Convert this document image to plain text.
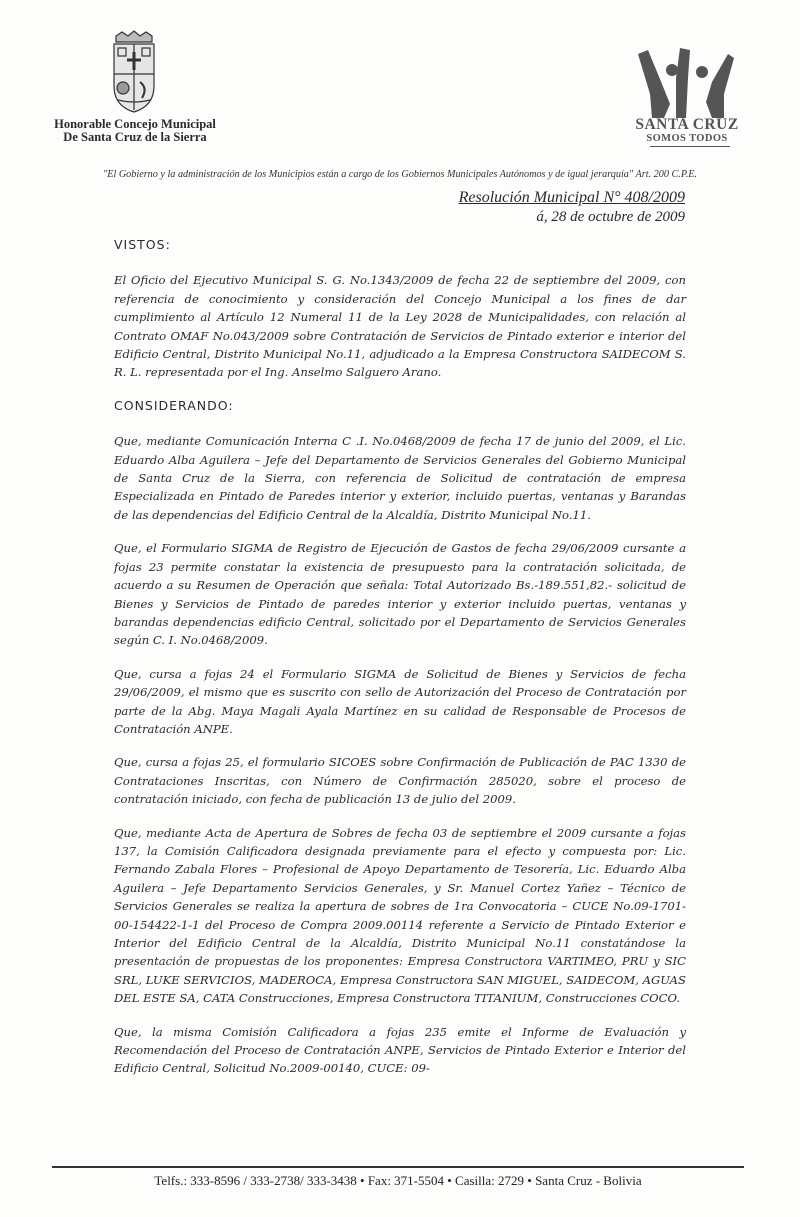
Honorable Concejo Municipal
De Santa Cruz de la Sierra
SANTA CRUZ
SOMOS TODOS
"El Gobierno y la administración de los Municipios están a cargo de los Gobiernos Municipales Autónomos y de igual jerarquía" Art. 200 C.P.E.
Resolución Municipal N° 408/2009
á, 28 de octubre de 2009
VISTOS:

El Oficio del Ejecutivo Municipal S. G. No.1343/2009 de fecha 22 de septiembre del 2009, con referencia de conocimiento y consideración del Concejo Municipal a los fines de dar cumplimiento al Artículo 12 Numeral 11 de la Ley 2028 de Municipalidades, con relación al Contrato OMAF No.043/2009 sobre Contratación de Servicios de Pintado exterior e interior del Edificio Central, Distrito Municipal No.11, adjudicado a la Empresa Constructora SAIDECOM S. R. L. representada por el Ing. Anselmo Salguero Arano.

CONSIDERANDO:

Que, mediante Comunicación Interna C .I. No.0468/2009 de fecha 17 de junio del 2009, el Lic. Eduardo Alba Aguilera – Jefe del Departamento de Servicios Generales del Gobierno Municipal de Santa Cruz de la Sierra, con referencia de Solicitud de contratación de empresa Especializada en Pintado de Paredes interior y exterior, incluido puertas, ventanas y Barandas de las dependencias del Edificio Central de la Alcaldía, Distrito Municipal No.11.

Que, el Formulario SIGMA de Registro de Ejecución de Gastos de fecha 29/06/2009 cursante a fojas 23 permite constatar la existencia de presupuesto para la contratación solicitada, de acuerdo a su Resumen de Operación que señala: Total Autorizado Bs.-189.551,82.- solicitud de Bienes y Servicios de Pintado de paredes interior y exterior incluido puertas, ventanas y barandas dependencias edificio Central, solicitado por el Departamento de Servicios Generales según C. I. No.0468/2009.

Que, cursa a fojas 24 el Formulario SIGMA de Solicitud de Bienes y Servicios de fecha 29/06/2009, el mismo que es suscrito con sello de Autorización del Proceso de Contratación por parte de la Abg. Maya Magali Ayala Martínez en su calidad de Responsable de Procesos de Contratación ANPE.

Que, cursa a fojas 25, el formulario SICOES sobre Confirmación de Publicación de PAC 1330 de Contrataciones Inscritas, con Número de Confirmación 285020, sobre el proceso de contratación iniciado, con fecha de publicación 13 de julio del 2009.

Que, mediante Acta de Apertura de Sobres de fecha 03 de septiembre el 2009 cursante a fojas 137, la Comisión Calificadora designada previamente para el efecto y compuesta por: Lic. Fernando Zabala Flores – Profesional de Apoyo Departamento de Tesorería, Lic. Eduardo Alba Aguilera – Jefe Departamento Servicios Generales, y Sr. Manuel Cortez Yañez – Técnico de Servicios Generales se realiza la apertura de sobres de 1ra Convocatoria – CUCE No.09-1701-00-154422-1-1 del Proceso de Compra 2009.00114 referente a Servicio de Pintado Exterior e Interior del Edificio Central de la Alcaldía, Distrito Municipal No.11 constatándose la presentación de propuestas de los proponentes: Empresa Constructora VARTIMEO, PRU y SIC SRL, LUKE SERVICIOS, MADEROCA, Empresa Constructora SAN MIGUEL, SAIDECOM, AGUAS DEL ESTE SA, CATA Construcciones, Empresa Constructora TITANIUM, Construcciones COCO.

Que, la misma Comisión Calificadora a fojas 235 emite el Informe de Evaluación y Recomendación del Proceso de Contratación ANPE, Servicios de Pintado Exterior e Interior del Edificio Central, Solicitud No.2009-00140, CUCE: 09-

Telfs.: 333-8596 / 333-2738/ 333-3438 • Fax: 371-5504 • Casilla: 2729 • Santa Cruz - Bolivia
